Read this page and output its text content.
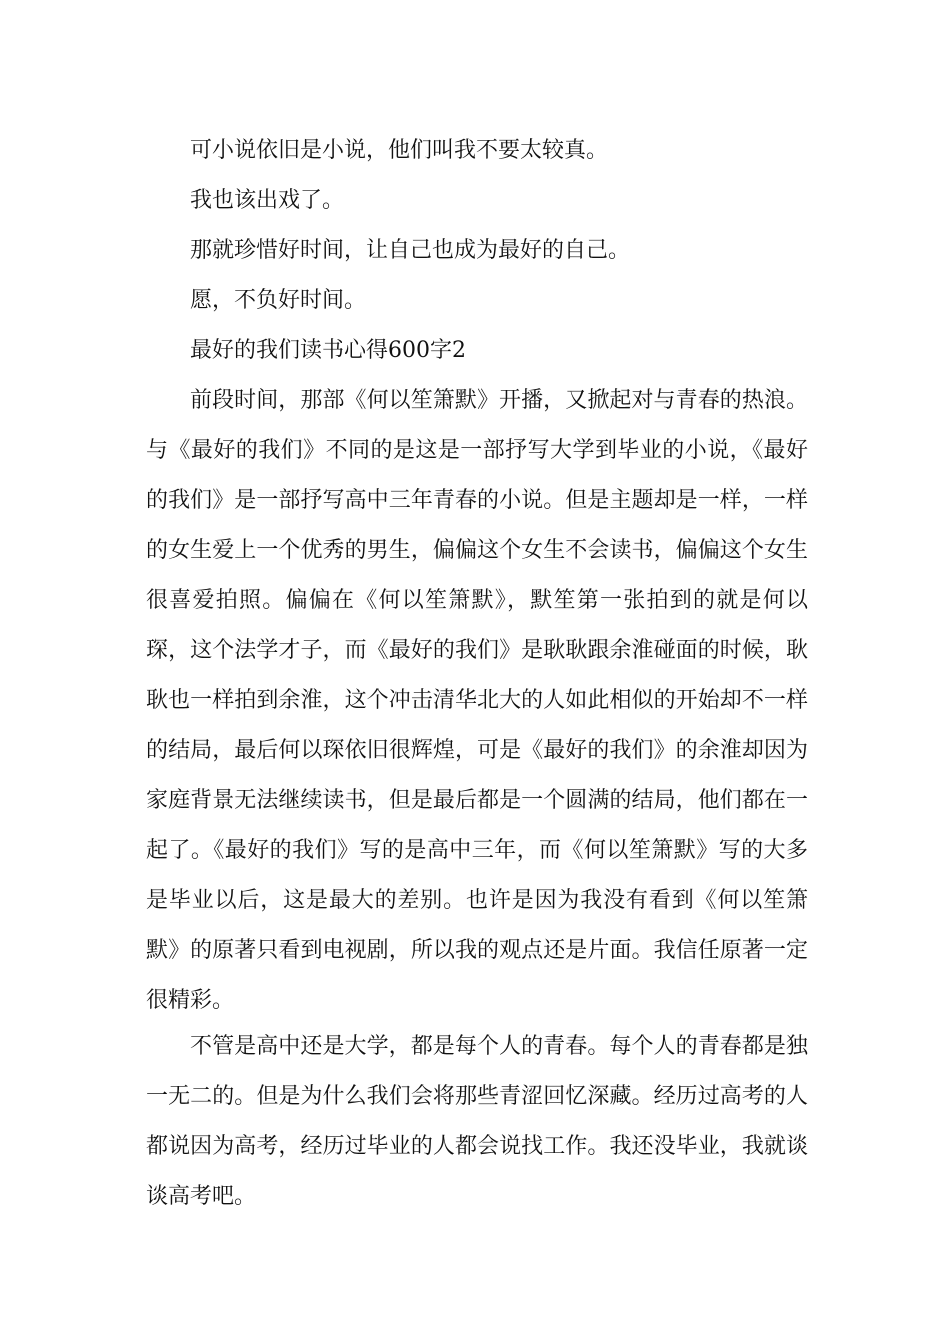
可小说依旧是小说，他们叫我不要太较真。
我也该出戏了。
那就珍惜好时间，让自己也成为最好的自己。
愿，不负好时间。
最好的我们读书心得600字2

前段时间，那部《何以笙箫默》开播，又掀起对与青春的热浪。与《最好的我们》不同的是这是一部抒写大学到毕业的小说，《最好的我们》是一部抒写高中三年青春的小说。但是主题却是一样，一样的女生爱上一个优秀的男生，偏偏这个女生不会读书，偏偏这个女生很喜爱拍照。偏偏在《何以笙箫默》，默笙第一张拍到的就是何以琛，这个法学才子，而《最好的我们》是耿耿跟余淮碰面的时候，耿耿也一样拍到余淮，这个冲击清华北大的人如此相似的开始却不一样的结局，最后何以琛依旧很辉煌，可是《最好的我们》的余淮却因为家庭背景无法继续读书，但是最后都是一个圆满的结局，他们都在一起了。《最好的我们》写的是高中三年，而《何以笙箫默》写的大多是毕业以后，这是最大的差别。也许是因为我没有看到《何以笙箫默》的原著只看到电视剧，所以我的观点还是片面。我信任原著一定很精彩。

不管是高中还是大学，都是每个人的青春。每个人的青春都是独一无二的。但是为什么我们会将那些青涩回忆深藏。经历过高考的人都说因为高考，经历过毕业的人都会说找工作。我还没毕业，我就谈谈高考吧。
